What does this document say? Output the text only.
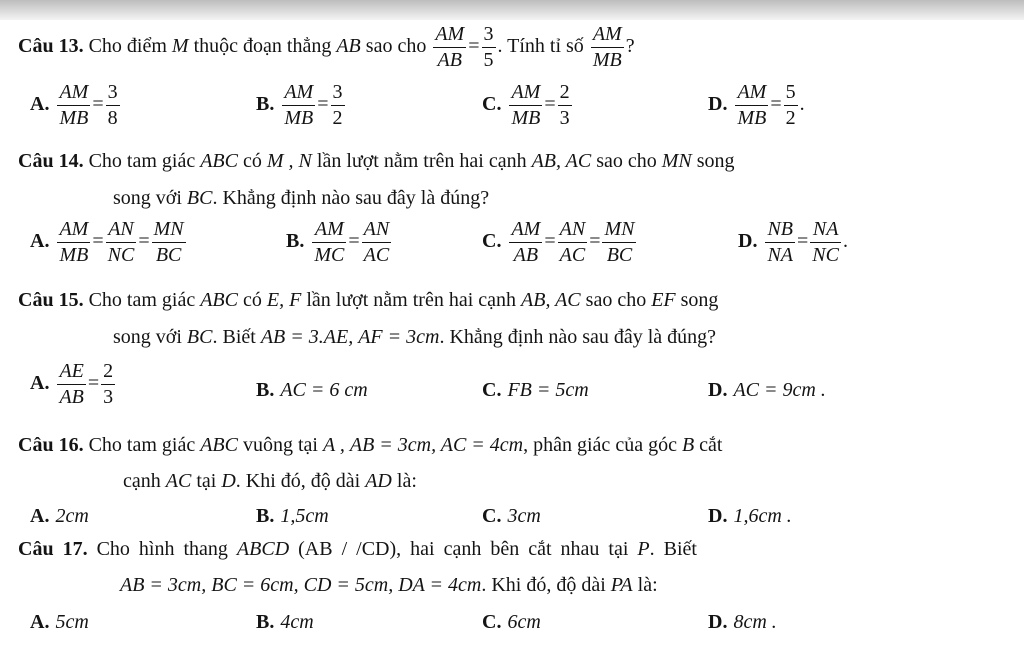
Câu 13. Cho điểm M thuộc đoạn thẳng AB sao cho $\frac{AM}{AB} = \frac{3}{5}$ . Tính tỉ số $\frac{AM}{MB}$ ?
A. $\frac{AM}{MB} = \frac{3}{8}$	B. $\frac{AM}{MB} = \frac{3}{2}$	C. $\frac{AM}{MB} = \frac{2}{3}$	D. $\frac{AM}{MB} = \frac{5}{2}$ .
Câu 14. Cho tam giác ABC có M , N lần lượt nằm trên hai cạnh AB, AC sao cho MN song
song với BC. Khẳng định nào sau đây là đúng?
A. $\frac{AM}{MB} = \frac{AN}{NC} = \frac{MN}{BC}$	B. $\frac{AM}{MC} = \frac{AN}{AC}$	C. $\frac{AM}{AB} = \frac{AN}{AC} = \frac{MN}{BC}$	D. $\frac{NB}{NA} = \frac{NA}{NC}$ .
Câu 15. Cho tam giác ABC có E, F lần lượt nằm trên hai cạnh AB, AC sao cho EF song
song với BC. Biết AB = 3.AE, AF = 3cm. Khẳng định nào sau đây là đúng?
A. $\frac{AE}{AB} = \frac{2}{3}$	B. AC = 6 cm	C. FB = 5cm	D. AC = 9cm .
Câu 16. Cho tam giác ABC vuông tại A , AB = 3cm, AC = 4cm, phân giác của góc B cắt
cạnh AC tại D. Khi đó, độ dài AD là:
A. 2cm	B. 1,5cm	C. 3cm	D. 1,6cm .
Câu 17. Cho hình thang ABCD (AB / /CD), hai cạnh bên cắt nhau tại P. Biết
AB = 3cm, BC = 6cm, CD = 5cm, DA = 4cm. Khi đó, độ dài PA là:
A. 5cm	B. 4cm	C. 6cm	D. 8cm .
